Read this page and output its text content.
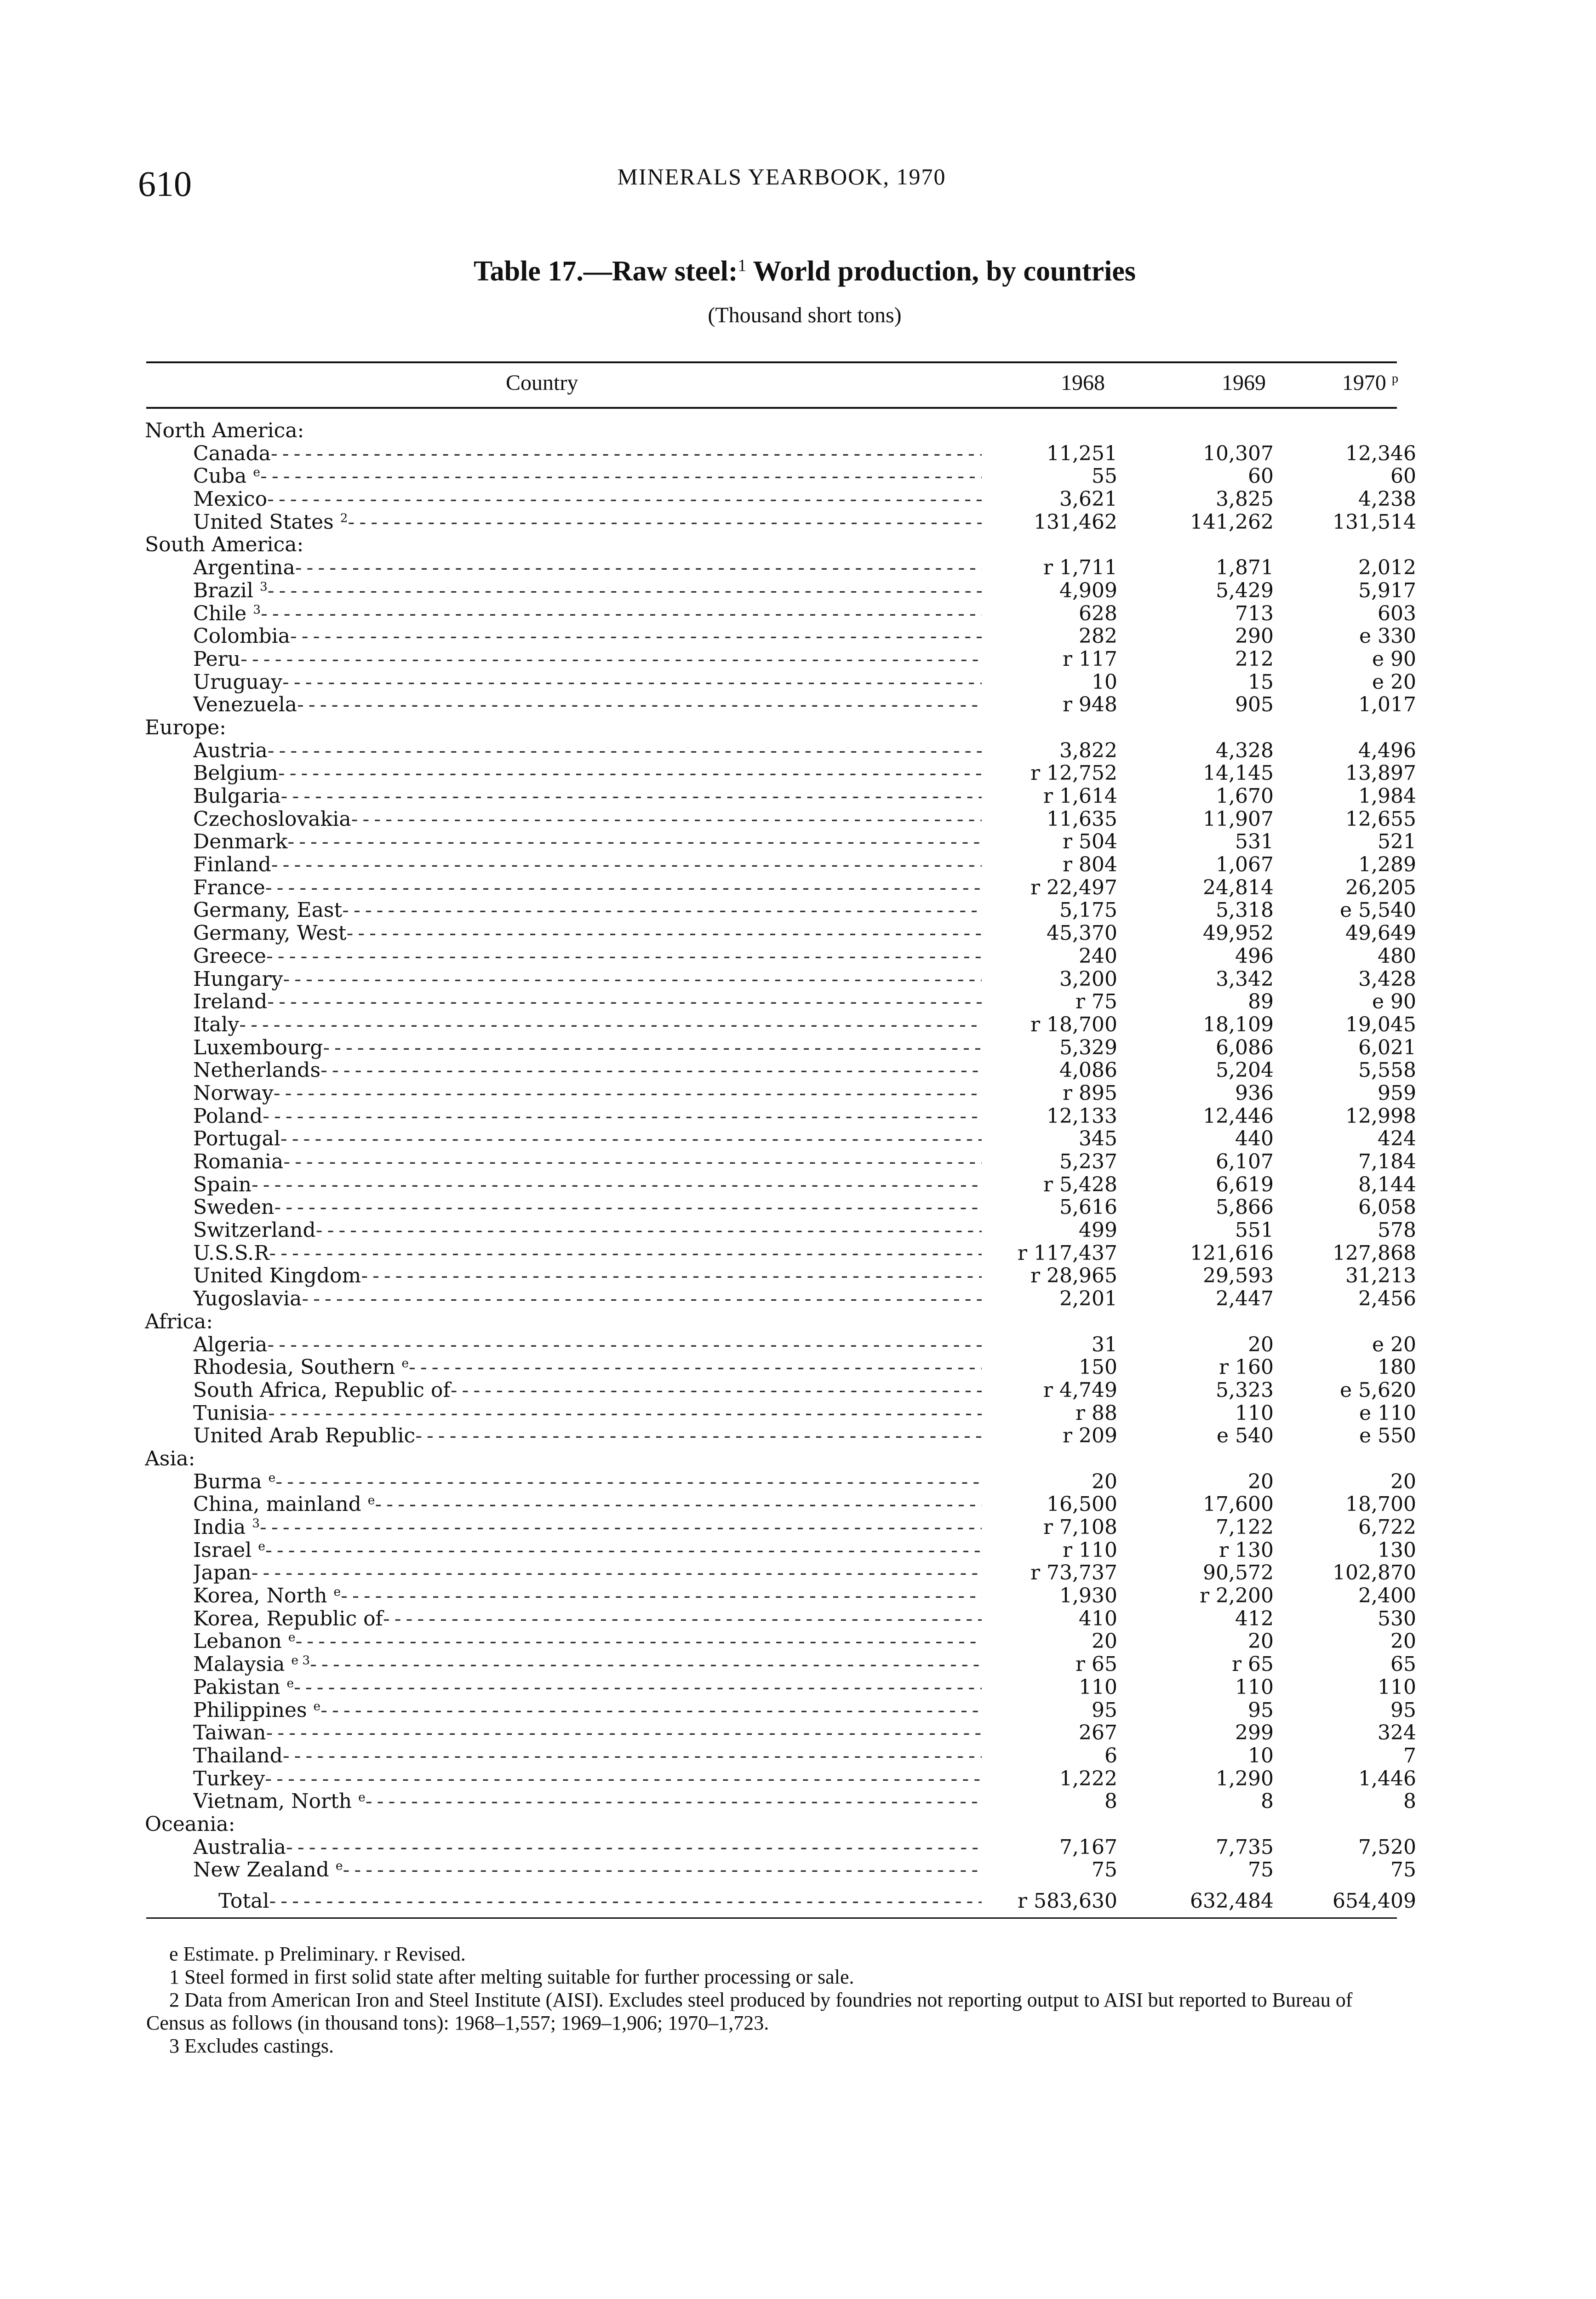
610	MINERALS YEARBOOK, 1970
Table 17.—Raw steel:$^1$ World production, by countries
(Thousand short tons)
Country	1968	1969	1970 $^p$
North America:
Canada - - -	11,251	10,307	12,346
Cuba $^e$ - - -	55	60	60
Mexico - - -	3,621	3,825	4,238
United States $^2$ - - -	131,462	141,262	131,514
South America:
Argentina - - -	r 1,711	1,871	2,012
Brazil $^3$ - - -	4,909	5,429	5,917
Chile $^3$ - - -	628	713	603
Colombia - - -	282	290	e 330
Peru - - -	r 117	212	e 90
Uruguay - - -	10	15	e 20
Venezuela - - -	r 948	905	1,017
Europe:
Austria - - -	3,822	4,328	4,496
Belgium - - -	r 12,752	14,145	13,897
Bulgaria - - -	r 1,614	1,670	1,984
Czechoslovakia - - -	11,635	11,907	12,655
Denmark - - -	r 504	531	521
Finland - - -	r 804	1,067	1,289
France - - -	r 22,497	24,814	26,205
Germany, East - - -	5,175	5,318	e 5,540
Germany, West - - -	45,370	49,952	49,649
Greece - - -	240	496	480
Hungary - - -	3,200	3,342	3,428
Ireland - - -	r 75	89	e 90
Italy - - -	r 18,700	18,109	19,045
Luxembourg - - -	5,329	6,086	6,021
Netherlands - - -	4,086	5,204	5,558
Norway - - -	r 895	936	959
Poland - - -	12,133	12,446	12,998
Portugal - - -	345	440	424
Romania - - -	5,237	6,107	7,184
Spain - - -	r 5,428	6,619	8,144
Sweden - - -	5,616	5,866	6,058
Switzerland - - -	499	551	578
U.S.S.R - - -	r 117,437	121,616	127,868
United Kingdom - - -	r 28,965	29,593	31,213
Yugoslavia - - -	2,201	2,447	2,456
Africa:
Algeria - - -	31	20	e 20
Rhodesia, Southern $^e$ - - -	150	r 160	180
South Africa, Republic of - - -	r 4,749	5,323	e 5,620
Tunisia - - -	r 88	110	e 110
United Arab Republic - - -	r 209	e 540	e 550
Asia:
Burma $^e$ - - -	20	20	20
China, mainland $^e$ - - -	16,500	17,600	18,700
India $^3$ - - -	r 7,108	7,122	6,722
Israel $^e$ - - -	r 110	r 130	130
Japan - - -	r 73,737	90,572	102,870
Korea, North $^e$ - - -	1,930	r 2,200	2,400
Korea, Republic of - - -	410	412	530
Lebanon $^e$ - - -	20	20	20
Malaysia $^{e 3}$ - - -	r 65	r 65	65
Pakistan $^e$ - - -	110	110	110
Philippines $^e$ - - -	95	95	95
Taiwan - - -	267	299	324
Thailand - - -	6	10	7
Turkey - - -	1,222	1,290	1,446
Vietnam, North $^e$ - - -	8	8	8
Oceania:
Australia - - -	7,167	7,735	7,520
New Zealand $^e$ - - -	75	75	75
Total - - -	r 583,630	632,484	654,409

e Estimate. p Preliminary. r Revised.

1 Steel formed in first solid state after melting suitable for further processing or sale.

2 Data from American Iron and Steel Institute (AISI). Excludes steel produced by foundries not reporting output to AISI but reported to Bureau of Census as follows (in thousand tons): 1968–1,557; 1969–1,906; 1970–1,723.

3 Excludes castings.
